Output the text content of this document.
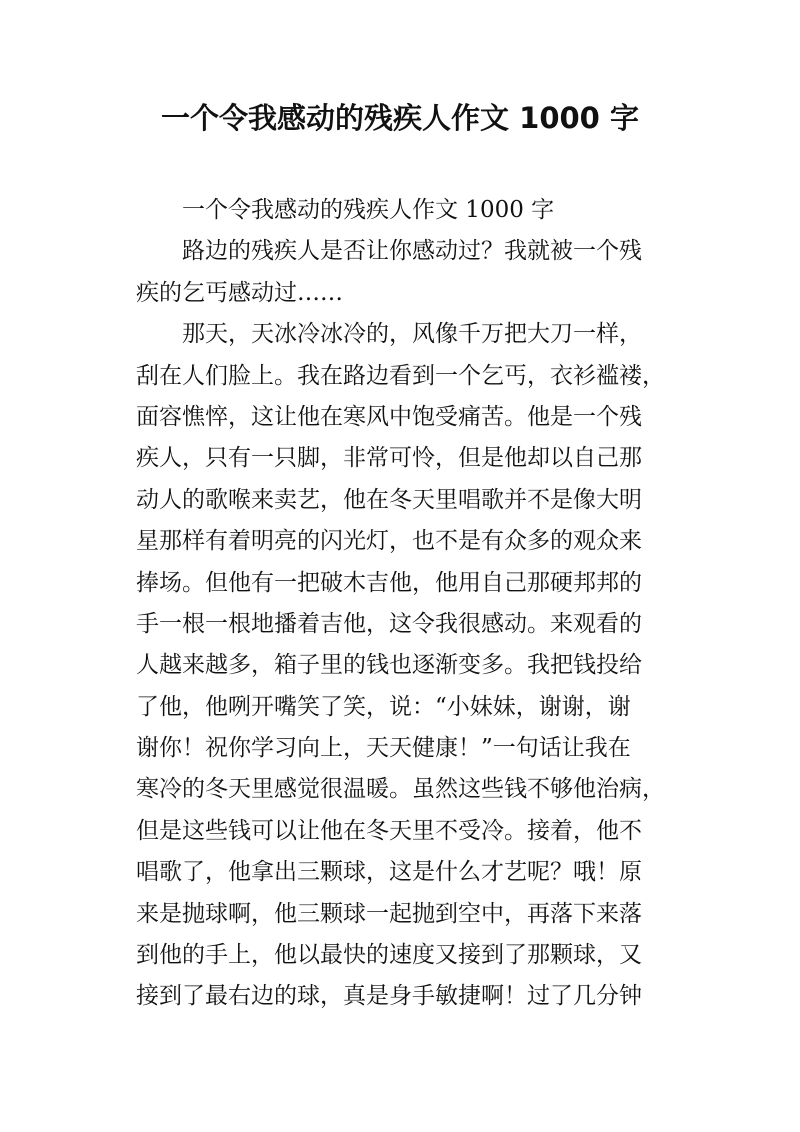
一个令我感动的残疾人作文 1000 字
一个令我感动的残疾人作文 1000 字
路边的残疾人是否让你感动过？我就被一个残
疾的乞丐感动过……
那天，天冰冷冰冷的，风像千万把大刀一样，
刮在人们脸上。我在路边看到一个乞丐，衣衫褴褛，
面容憔悴，这让他在寒风中饱受痛苦。他是一个残
疾人，只有一只脚，非常可怜，但是他却以自己那
动人的歌喉来卖艺，他在冬天里唱歌并不是像大明
星那样有着明亮的闪光灯，也不是有众多的观众来
捧场。但他有一把破木吉他，他用自己那硬邦邦的
手一根一根地播着吉他，这令我很感动。来观看的
人越来越多，箱子里的钱也逐渐变多。我把钱投给
了他，他咧开嘴笑了笑，说：“小妹妹，谢谢，谢
谢你！祝你学习向上，天天健康！”一句话让我在
寒冷的冬天里感觉很温暖。虽然这些钱不够他治病，
但是这些钱可以让他在冬天里不受冷。接着，他不
唱歌了，他拿出三颗球，这是什么才艺呢？哦！原
来是抛球啊，他三颗球一起抛到空中，再落下来落
到他的手上，他以最快的速度又接到了那颗球，又
接到了最右边的球，真是身手敏捷啊！过了几分钟
